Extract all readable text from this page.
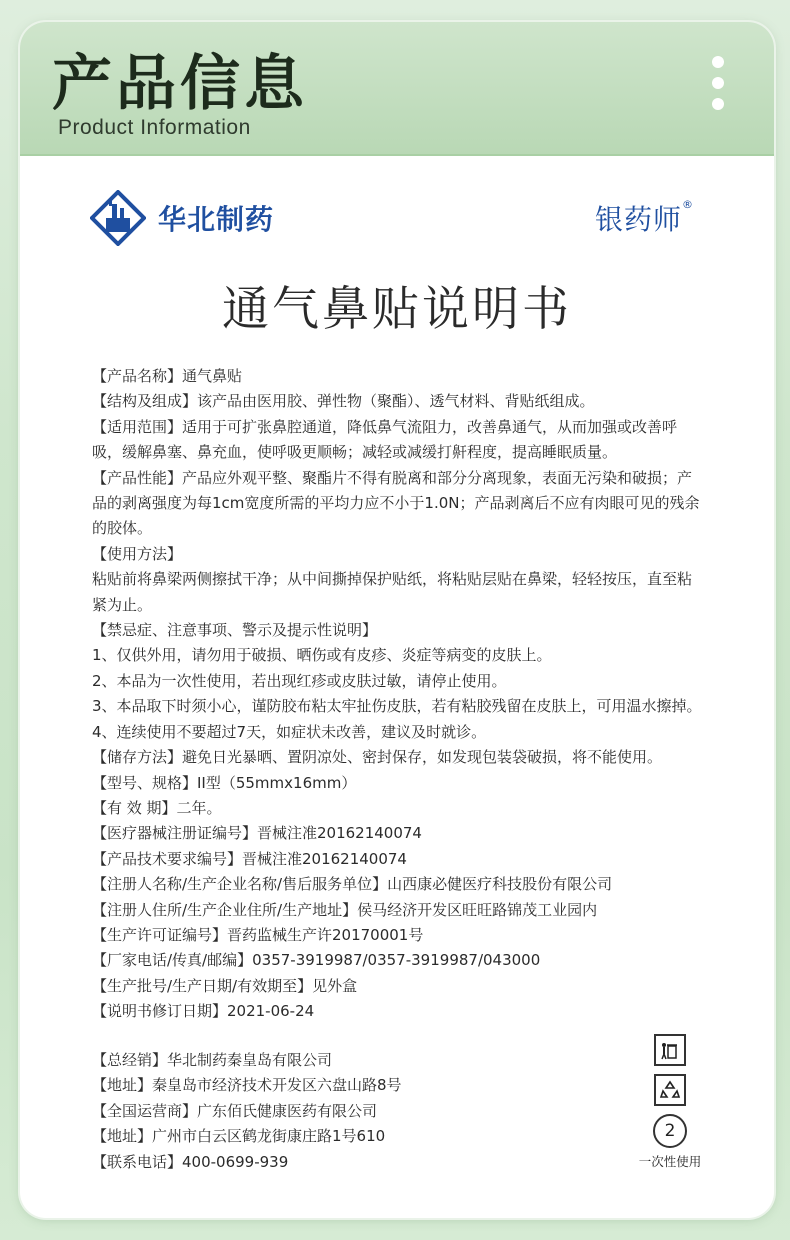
产品信息
Product Information
华北制药	银药师®
通气鼻贴说明书

【产品名称】通气鼻贴

【结构及组成】该产品由医用胶、弹性物（聚酯）、透气材料、背贴纸组成。

【适用范围】适用于可扩张鼻腔通道，降低鼻气流阻力，改善鼻通气，从而加强或改善呼吸，缓解鼻塞、鼻充血，使呼吸更顺畅；减轻或减缓打鼾程度，提高睡眠质量。

【产品性能】产品应外观平整、聚酯片不得有脱离和部分分离现象，表面无污染和破损；产品的剥离强度为每1cm宽度所需的平均力应不小于1.0N；产品剥离后不应有肉眼可见的残余的胶体。

【使用方法】

粘贴前将鼻梁两侧擦拭干净；从中间撕掉保护贴纸，将粘贴层贴在鼻梁，轻轻按压，直至粘紧为止。

【禁忌症、注意事项、警示及提示性说明】

1、仅供外用，请勿用于破损、晒伤或有皮疹、炎症等病变的皮肤上。

2、本品为一次性使用，若出现红疹或皮肤过敏，请停止使用。

3、本品取下时须小心，谨防胶布粘太牢扯伤皮肤，若有粘胶残留在皮肤上，可用温水擦掉。

4、连续使用不要超过7天，如症状未改善，建议及时就诊。

【储存方法】避免日光暴晒、置阴凉处、密封保存，如发现包装袋破损，将不能使用。

【型号、规格】II型（55mmx16mm）

【有 效 期】二年。

【医疗器械注册证编号】晋械注准20162140074

【产品技术要求编号】晋械注准20162140074

【注册人名称/生产企业名称/售后服务单位】山西康必健医疗科技股份有限公司

【注册人住所/生产企业住所/生产地址】侯马经济开发区旺旺路锦茂工业园内

【生产许可证编号】晋药监械生产许20170001号

【厂家电话/传真/邮编】0357-3919987/0357-3919987/043000

【生产批号/生产日期/有效期至】见外盒

【说明书修订日期】2021-06-24

【总经销】华北制药秦皇岛有限公司

【地址】秦皇岛市经济技术开发区六盘山路8号

【全国运营商】广东佰氏健康医药有限公司

【地址】广州市白云区鹤龙街康庄路1号610

【联系电话】400-0699-939

2
一次性使用
